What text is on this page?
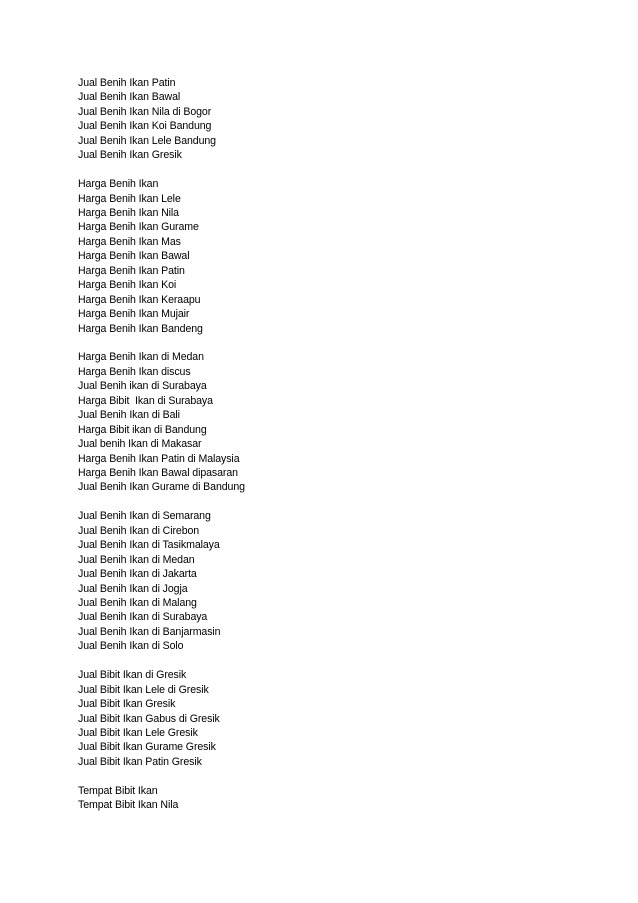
Jual Benih Ikan Patin
Jual Benih Ikan Bawal
Jual Benih Ikan Nila di Bogor
Jual Benih Ikan Koi Bandung
Jual Benih Ikan Lele Bandung
Jual Benih Ikan Gresik
Harga Benih Ikan
Harga Benih Ikan Lele
Harga Benih Ikan Nila
Harga Benih Ikan Gurame
Harga Benih Ikan Mas
Harga Benih Ikan Bawal
Harga Benih Ikan Patin
Harga Benih Ikan Koi
Harga Benih Ikan Keraapu
Harga Benih Ikan Mujair
Harga Benih Ikan Bandeng
Harga Benih Ikan di Medan
Harga Benih Ikan discus
Jual Benih ikan di Surabaya
Harga Bibit  Ikan di Surabaya
Jual Benih Ikan di Bali
Harga Bibit ikan di Bandung
Jual benih Ikan di Makasar
Harga Benih Ikan Patin di Malaysia
Harga Benih Ikan Bawal dipasaran
Jual Benih Ikan Gurame di Bandung
Jual Benih Ikan di Semarang
Jual Benih Ikan di Cirebon
Jual Benih Ikan di Tasikmalaya
Jual Benih Ikan di Medan
Jual Benih Ikan di Jakarta
Jual Benih Ikan di Jogja
Jual Benih Ikan di Malang
Jual Benih Ikan di Surabaya
Jual Benih Ikan di Banjarmasin
Jual Benih Ikan di Solo
Jual Bibit Ikan di Gresik
Jual Bibit Ikan Lele di Gresik
Jual Bibit Ikan Gresik
Jual Bibit Ikan Gabus di Gresik
Jual Bibit Ikan Lele Gresik
Jual Bibit Ikan Gurame Gresik
Jual Bibit Ikan Patin Gresik
Tempat Bibit Ikan
Tempat Bibit Ikan Nila
